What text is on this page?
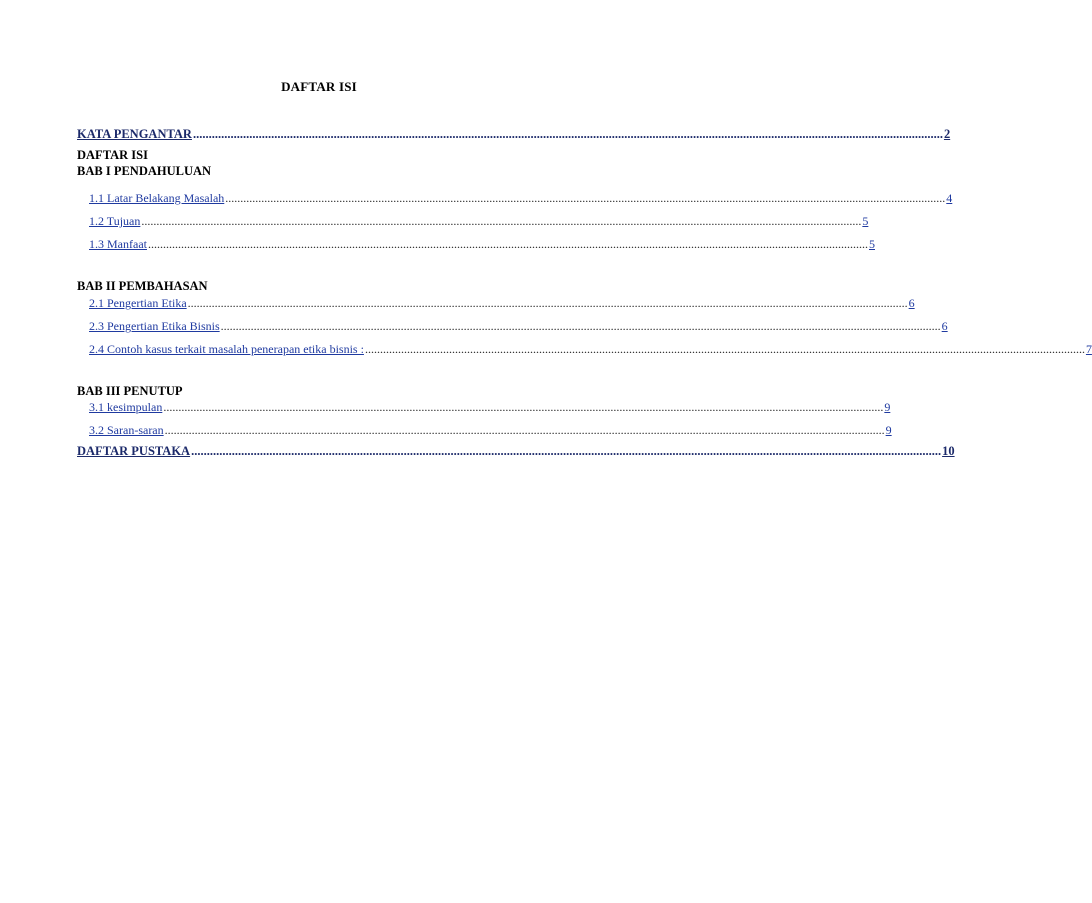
DAFTAR ISI
KATA PENGANTAR ................................................................................................................................................................................................................................................ 2
DAFTAR ISI
BAB I PENDAHULUAN
1.1 Latar Belakang Masalah ................................................................................................................................................................................................................................................ 4
1.2 Tujuan ................................................................................................................................................................................................................................................ 5
1.3 Manfaat ................................................................................................................................................................................................................................................ 5
BAB II PEMBAHASAN
2.1 Pengertian Etika ................................................................................................................................................................................................................................................ 6
2.3 Pengertian Etika Bisnis ................................................................................................................................................................................................................................................ 6
2.4 Contoh kasus terkait masalah penerapan etika bisnis : ................................................................................................................................................................................................................................................ 7
BAB III PENUTUP
3.1 kesimpulan ................................................................................................................................................................................................................................................ 9
3.2 Saran-saran ................................................................................................................................................................................................................................................ 9
DAFTAR PUSTAKA ................................................................................................................................................................................................................................................ 10
